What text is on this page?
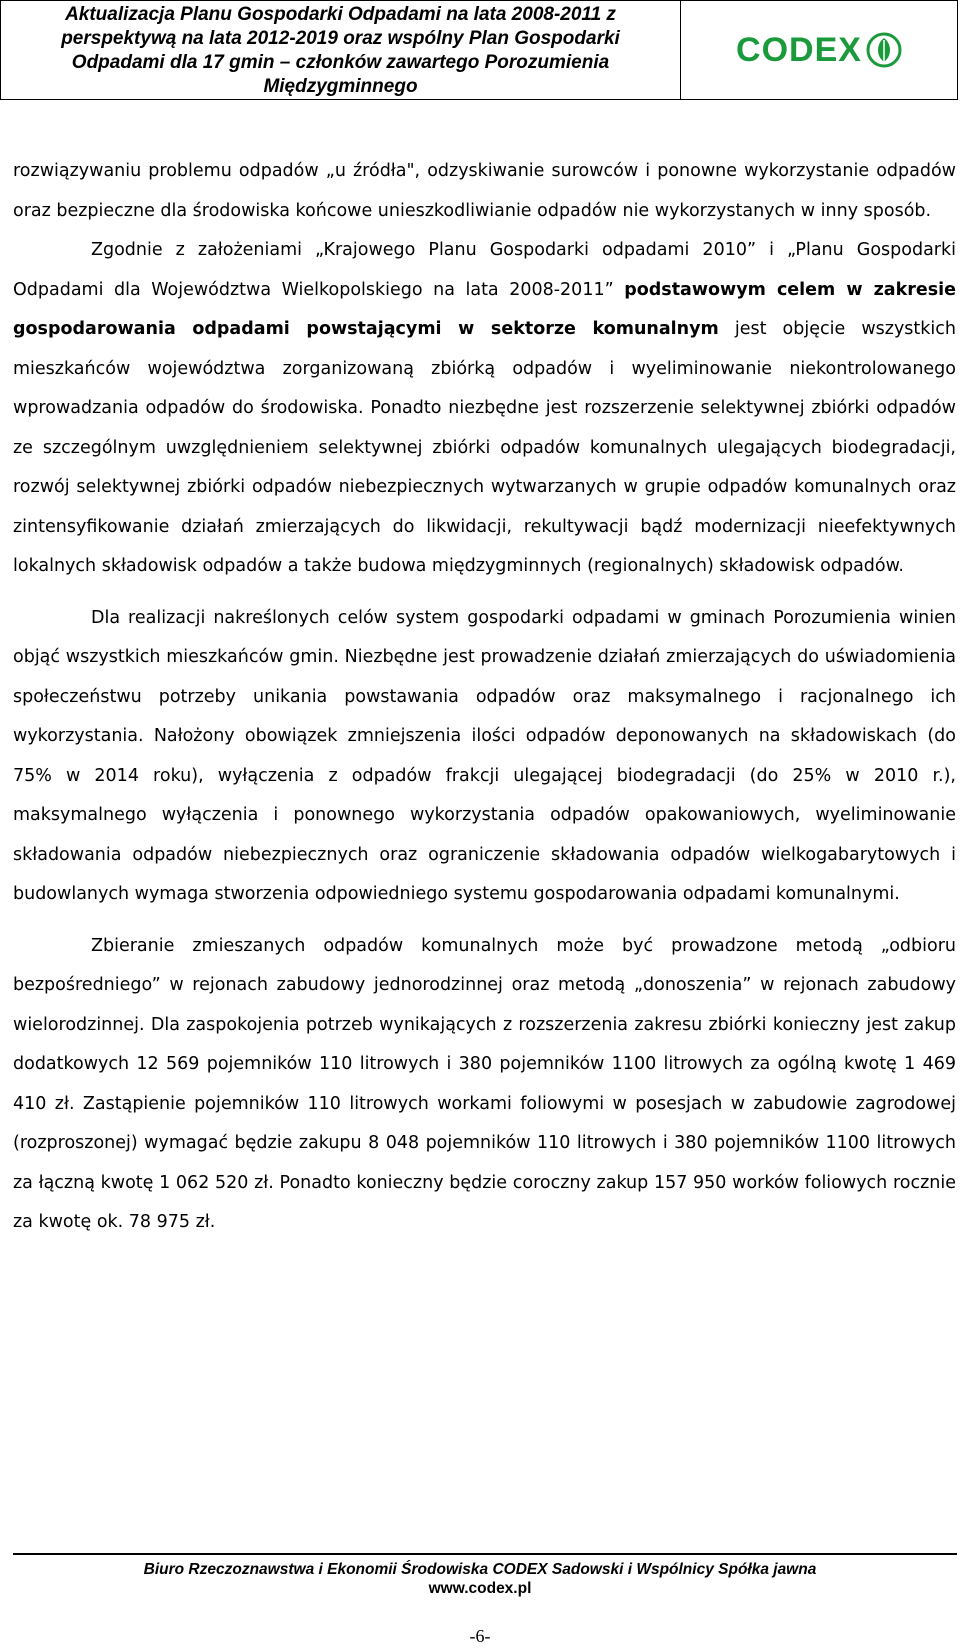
Aktualizacja Planu Gospodarki Odpadami na lata 2008-2011 z
perspektywą na lata 2012-2019 oraz wspólny Plan Gospodarki
Odpadami dla 17 gmin – członków zawartego Porozumienia
Międzygminnego
CODEX

rozwiązywaniu problemu odpadów „u źródła", odzyskiwanie surowców i ponowne wykorzystanie odpadów oraz bezpieczne dla środowiska końcowe unieszkodliwianie odpadów nie wykorzystanych w inny sposób.

Zgodnie z założeniami „Krajowego Planu Gospodarki odpadami 2010” i „Planu Gospodarki Odpadami dla Województwa Wielkopolskiego na lata 2008-2011” podstawowym celem w zakresie gospodarowania odpadami powstającymi w sektorze komunalnym jest objęcie wszystkich mieszkańców województwa zorganizowaną zbiórką odpadów i wyeliminowanie niekontrolowanego wprowadzania odpadów do środowiska. Ponadto niezbędne jest rozszerzenie selektywnej zbiórki odpadów ze szczególnym uwzględnieniem selektywnej zbiórki odpadów komunalnych ulegających biodegradacji, rozwój selektywnej zbiórki odpadów niebezpiecznych wytwarzanych w grupie odpadów komunalnych oraz zintensyfikowanie działań zmierzających do likwidacji, rekultywacji bądź modernizacji nieefektywnych lokalnych składowisk odpadów a także budowa międzygminnych (regionalnych) składowisk odpadów.

Dla realizacji nakreślonych celów system gospodarki odpadami w gminach Porozumienia winien objąć wszystkich mieszkańców gmin. Niezbędne jest prowadzenie działań zmierzających do uświadomienia społeczeństwu potrzeby unikania powstawania odpadów oraz maksymalnego i racjonalnego ich wykorzystania. Nałożony obowiązek zmniejszenia ilości odpadów deponowanych na składowiskach (do 75% w 2014 roku), wyłączenia z odpadów frakcji ulegającej biodegradacji (do 25% w 2010 r.), maksymalnego wyłączenia i ponownego wykorzystania odpadów opakowaniowych, wyeliminowanie składowania odpadów niebezpiecznych oraz ograniczenie składowania odpadów wielkogabarytowych i budowlanych wymaga stworzenia odpowiedniego systemu gospodarowania odpadami komunalnymi.

Zbieranie zmieszanych odpadów komunalnych może być prowadzone metodą „odbioru bezpośredniego” w rejonach zabudowy jednorodzinnej oraz metodą „donoszenia” w rejonach zabudowy wielorodzinnej. Dla zaspokojenia potrzeb wynikających z rozszerzenia zakresu zbiórki konieczny jest zakup dodatkowych 12 569 pojemników 110 litrowych i 380 pojemników 1100 litrowych za ogólną kwotę 1 469 410 zł. Zastąpienie pojemników 110 litrowych workami foliowymi w posesjach w zabudowie zagrodowej (rozproszonej) wymagać będzie zakupu 8 048 pojemników 110 litrowych i 380 pojemników 1100 litrowych za łączną kwotę 1 062 520 zł. Ponadto konieczny będzie coroczny zakup 157 950 worków foliowych rocznie za kwotę ok. 78 975 zł.

Biuro Rzeczoznawstwa i Ekonomii Środowiska CODEX Sadowski i Wspólnicy Spółka jawna
www.codex.pl
-6-
